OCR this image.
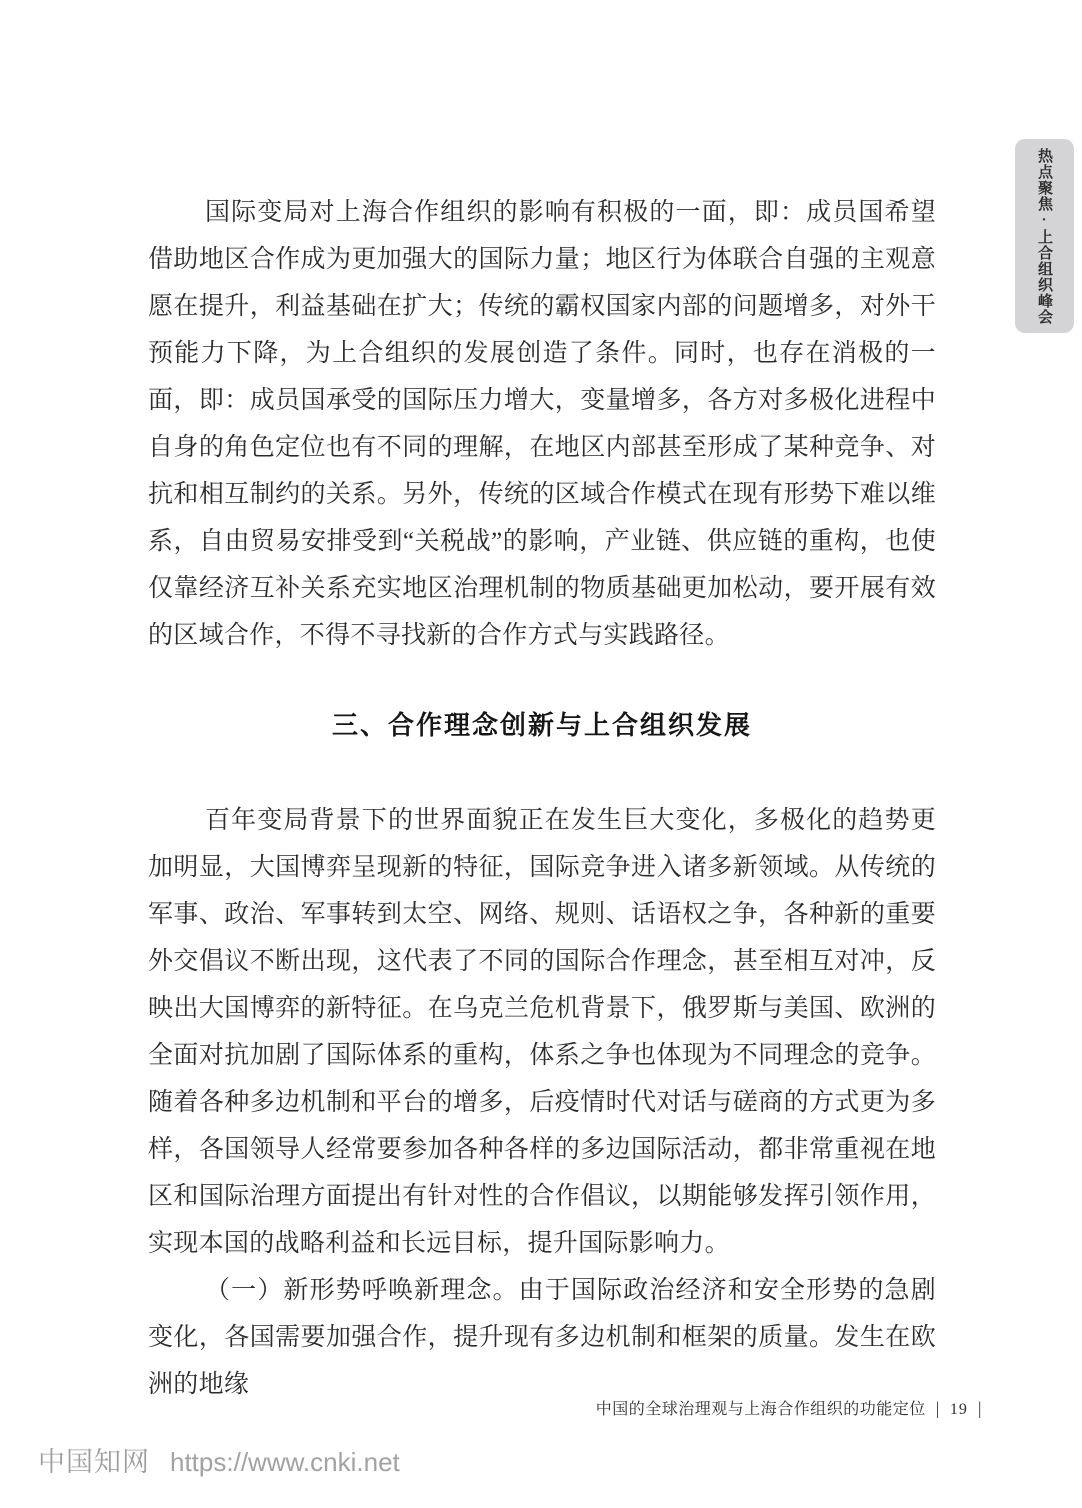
热点聚焦·上合组织峰会

国际变局对上海合作组织的影响有积极的一面，即：成员国希望借助地区合作成为更加强大的国际力量；地区行为体联合自强的主观意愿在提升，利益基础在扩大；传统的霸权国家内部的问题增多，对外干预能力下降，为上合组织的发展创造了条件。同时，也存在消极的一面，即：成员国承受的国际压力增大，变量增多，各方对多极化进程中自身的角色定位也有不同的理解，在地区内部甚至形成了某种竞争、对抗和相互制约的关系。另外，传统的区域合作模式在现有形势下难以维系，自由贸易安排受到“关税战”的影响，产业链、供应链的重构，也使仅靠经济互补关系充实地区治理机制的物质基础更加松动，要开展有效的区域合作，不得不寻找新的合作方式与实践路径。

三、合作理念创新与上合组织发展

百年变局背景下的世界面貌正在发生巨大变化，多极化的趋势更加明显，大国博弈呈现新的特征，国际竞争进入诸多新领域。从传统的军事、政治、军事转到太空、网络、规则、话语权之争，各种新的重要外交倡议不断出现，这代表了不同的国际合作理念，甚至相互对冲，反映出大国博弈的新特征。在乌克兰危机背景下，俄罗斯与美国、欧洲的全面对抗加剧了国际体系的重构，体系之争也体现为不同理念的竞争。随着各种多边机制和平台的增多，后疫情时代对话与磋商的方式更为多样，各国领导人经常要参加各种各样的多边国际活动，都非常重视在地区和国际治理方面提出有针对性的合作倡议，以期能够发挥引领作用，实现本国的战略利益和长远目标，提升国际影响力。

（一）新形势呼唤新理念。由于国际政治经济和安全形势的急剧变化，各国需要加强合作，提升现有多边机制和框架的质量。发生在欧洲的地缘

中国的全球治理观与上海合作组织的功能定位 | 19 |
中国知网 https://www.cnki.net
